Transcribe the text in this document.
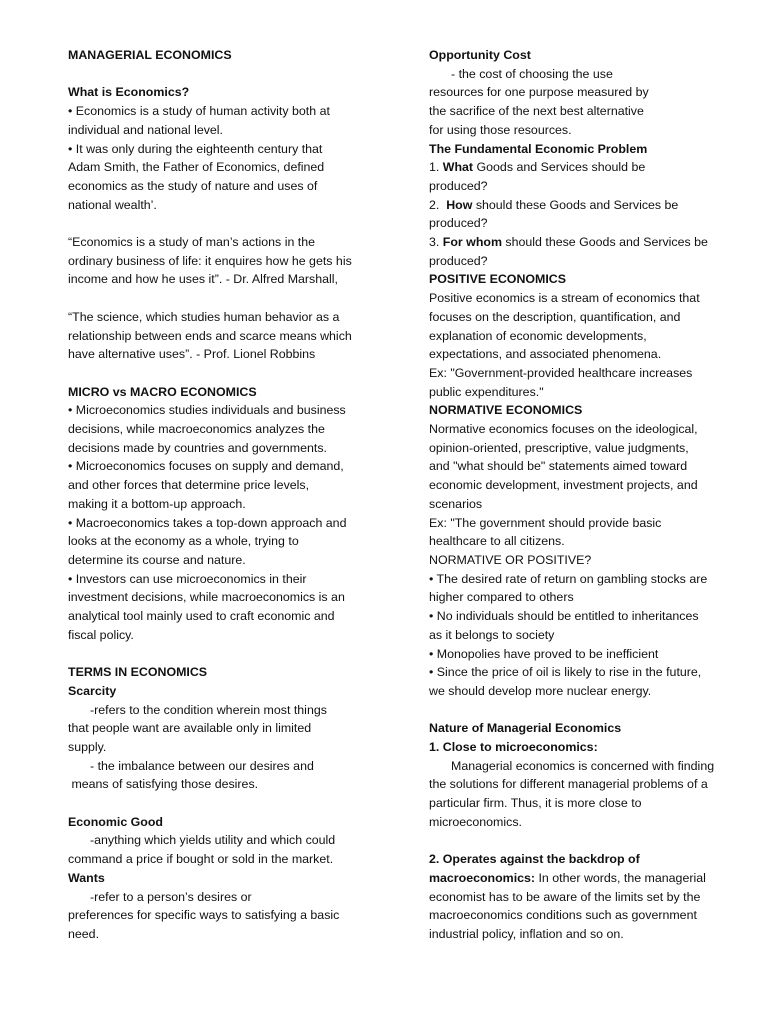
MANAGERIAL ECONOMICS

What is Economics?

• Economics is a study of human activity both at

individual and national level.

• It was only during the eighteenth century that

Adam Smith, the Father of Economics, defined

economics as the study of nature and uses of

national wealth’.

“Economics is a study of man’s actions in the

ordinary business of life: it enquires how he gets his

income and how he uses it”. - Dr. Alfred Marshall,

“The science, which studies human behavior as a

relationship between ends and scarce means which

have alternative uses”. - Prof. Lionel Robbins

MICRO vs MACRO ECONOMICS

• Microeconomics studies individuals and business

decisions, while macroeconomics analyzes the

decisions made by countries and governments.

• Microeconomics focuses on supply and demand,

and other forces that determine price levels,

making it a bottom-up approach.

• Macroeconomics takes a top-down approach and

looks at the economy as a whole, trying to

determine its course and nature.

• Investors can use microeconomics in their

investment decisions, while macroeconomics is an

analytical tool mainly used to craft economic and

fiscal policy.

TERMS IN ECONOMICS

Scarcity

-refers to the condition wherein most things

that people want are available only in limited

supply.

- the imbalance between our desires and

means of satisfying those desires.

Economic Good

-anything which yields utility and which could

command a price if bought or sold in the market.

Wants

-refer to a person’s desires or

preferences for specific ways to satisfying a basic

need.

Opportunity Cost

- the cost of choosing the use

resources for one purpose measured by

the sacrifice of the next best alternative

for using those resources.

The Fundamental Economic Problem

1. What Goods and Services should be

produced?

2.  How should these Goods and Services be

produced?

3. For whom should these Goods and Services be

produced?

POSITIVE ECONOMICS

Positive economics is a stream of economics that

focuses on the description, quantification, and

explanation of economic developments,

expectations, and associated phenomena.

Ex: "Government-provided healthcare increases

public expenditures."

NORMATIVE ECONOMICS

Normative economics focuses on the ideological,

opinion-oriented, prescriptive, value judgments,

and "what should be" statements aimed toward

economic development, investment projects, and

scenarios

Ex: "The government should provide basic

healthcare to all citizens.

NORMATIVE OR POSITIVE?

• The desired rate of return on gambling stocks are

higher compared to others

• No individuals should be entitled to inheritances

as it belongs to society

• Monopolies have proved to be inefficient

• Since the price of oil is likely to rise in the future,

we should develop more nuclear energy.

Nature of Managerial Economics

1. Close to microeconomics:

Managerial economics is concerned with finding

the solutions for different managerial problems of a

particular firm. Thus, it is more close to

microeconomics.

2. Operates against the backdrop of

macroeconomics: In other words, the managerial

economist has to be aware of the limits set by the

macroeconomics conditions such as government

industrial policy, inflation and so on.
